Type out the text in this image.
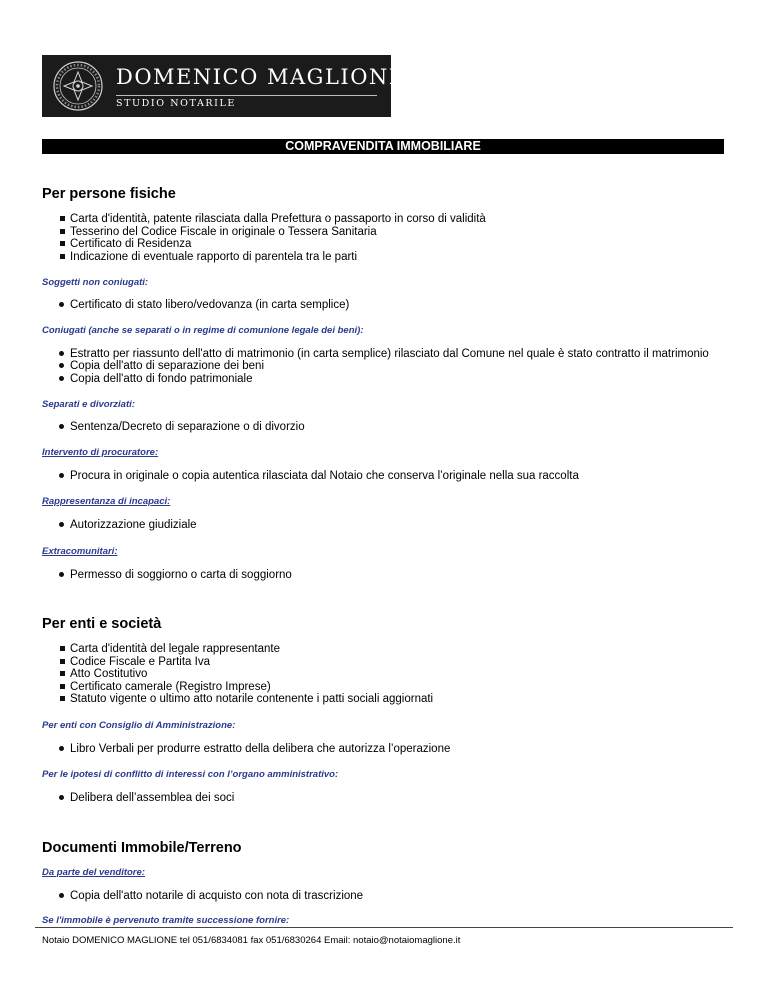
DOMENICO MAGLIONE
STUDIO NOTARILE
COMPRAVENDITA IMMOBILIARE
Per persone fisiche
Carta d'identità, patente rilasciata dalla Prefettura o passaporto in corso di validità
Tesserino del Codice Fiscale in originale o Tessera Sanitaria
Certificato di Residenza
Indicazione di eventuale rapporto di parentela tra le parti
Soggetti non coniugati:
Certificato di stato libero/vedovanza (in carta semplice)
Coniugati (anche se separati o in regime di comunione legale dei beni):
Estratto per riassunto dell'atto di matrimonio (in carta semplice) rilasciato dal Comune nel quale è stato contratto il matrimonio
Copia dell'atto di separazione dei beni
Copia dell'atto di fondo patrimoniale
Separati e divorziati:
Sentenza/Decreto di separazione o di divorzio
Intervento di procuratore:
Procura in originale o copia autentica rilasciata dal Notaio che conserva l’originale nella sua raccolta
Rappresentanza di incapaci:
Autorizzazione giudiziale
Extracomunitari:
Permesso di soggiorno o carta di soggiorno
Per enti e società
Carta d'identità del legale rappresentante
Codice Fiscale e Partita Iva
Atto Costitutivo
Certificato camerale (Registro Imprese)
Statuto vigente o ultimo atto notarile contenente i patti sociali aggiornati
Per enti con Consiglio di Amministrazione:
Libro Verbali per produrre estratto della delibera che autorizza l’operazione
Per le ipotesi di conflitto di interessi con l’organo amministrativo:
Delibera dell’assemblea dei soci
Documenti Immobile/Terreno
Da parte del venditore:
Copia dell'atto notarile di acquisto con nota di trascrizione
Se l'immobile è pervenuto tramite successione fornire:
Notaio DOMENICO MAGLIONE tel 051/6834081 fax 051/6830264 Email: notaio@notaiomaglione.it
